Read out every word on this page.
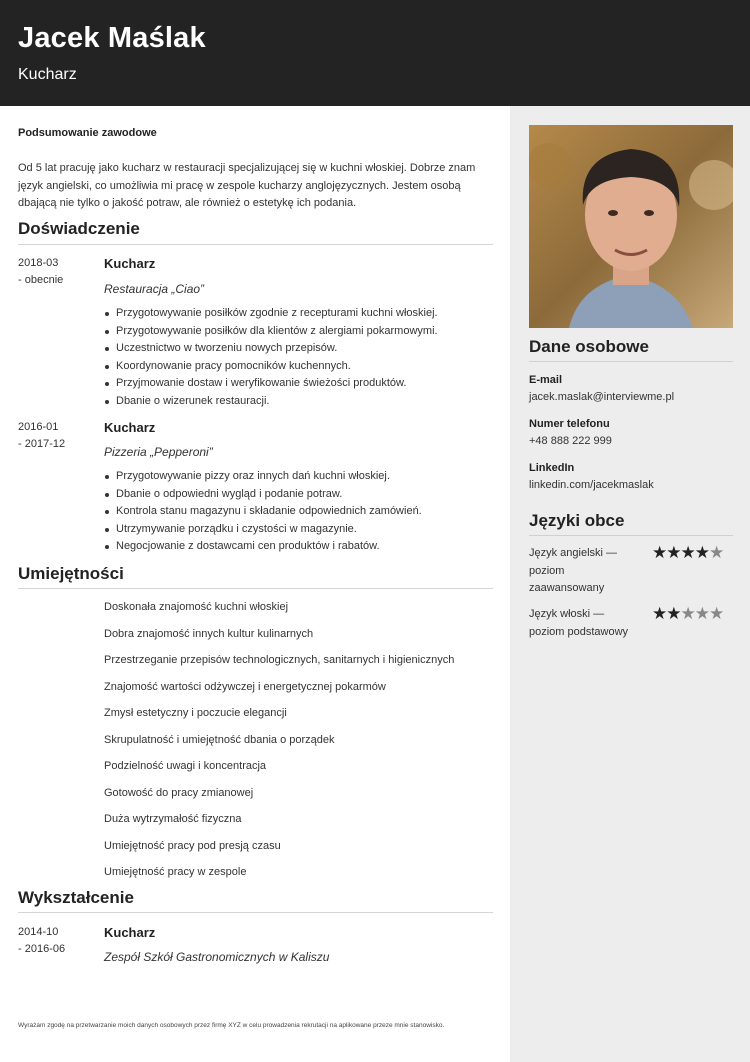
Jacek Maślak
Kucharz
Podsumowanie zawodowe
Od 5 lat pracuję jako kucharz w restauracji specjalizującej się w kuchni włoskiej. Dobrze znam język angielski, co umożliwia mi pracę w zespole kucharzy anglojęzycznych. Jestem osobą dbającą nie tylko o jakość potraw, ale również o estetykę ich podania.
Doświadczenie
2018-03
- obecnie
Kucharz
Restauracja „Ciao”
Przygotowywanie posiłków zgodnie z recepturami kuchni włoskiej.
Przygotowywanie posiłków dla klientów z alergiami pokarmowymi.
Uczestnictwo w tworzeniu nowych przepisów.
Koordynowanie pracy pomocników kuchennych.
Przyjmowanie dostaw i weryfikowanie świeżości produktów.
Dbanie o wizerunek restauracji.
2016-01
- 2017-12
Kucharz
Pizzeria „Pepperoni”
Przygotowywanie pizzy oraz innych dań kuchni włoskiej.
Dbanie o odpowiedni wygląd i podanie potraw.
Kontrola stanu magazynu i składanie odpowiednich zamówień.
Utrzymywanie porządku i czystości w magazynie.
Negocjowanie z dostawcami cen produktów i rabatów.
Umiejętności
Doskonała znajomość kuchni włoskiej
Dobra znajomość innych kultur kulinarnych
Przestrzeganie przepisów technologicznych, sanitarnych i higienicznych
Znajomość wartości odżywczej i energetycznej pokarmów
Zmysł estetyczny i poczucie elegancji
Skrupulatność i umiejętność dbania o porządek
Podzielność uwagi i koncentracja
Gotowość do pracy zmianowej
Duża wytrzymałość fizyczna
Umiejętność pracy pod presją czasu
Umiejętność pracy w zespole
Wykształcenie
2014-10
- 2016-06
Kucharz
Zespół Szkół Gastronomicznych w Kaliszu
Wyrażam zgodę na przetwarzanie moich danych osobowych przez firmę XYZ w celu prowadzenia rekrutacji na aplikowane przeze mnie stanowisko.
Dane osobowe
E-mail
jacek.maslak@interviewme.pl
Numer telefonu
+48 888 222 999
LinkedIn
linkedin.com/jacekmaslak
Języki obce
Język angielski — poziom zaawansowany
★★★★★
Język włoski — poziom podstawowy
★★★★★
